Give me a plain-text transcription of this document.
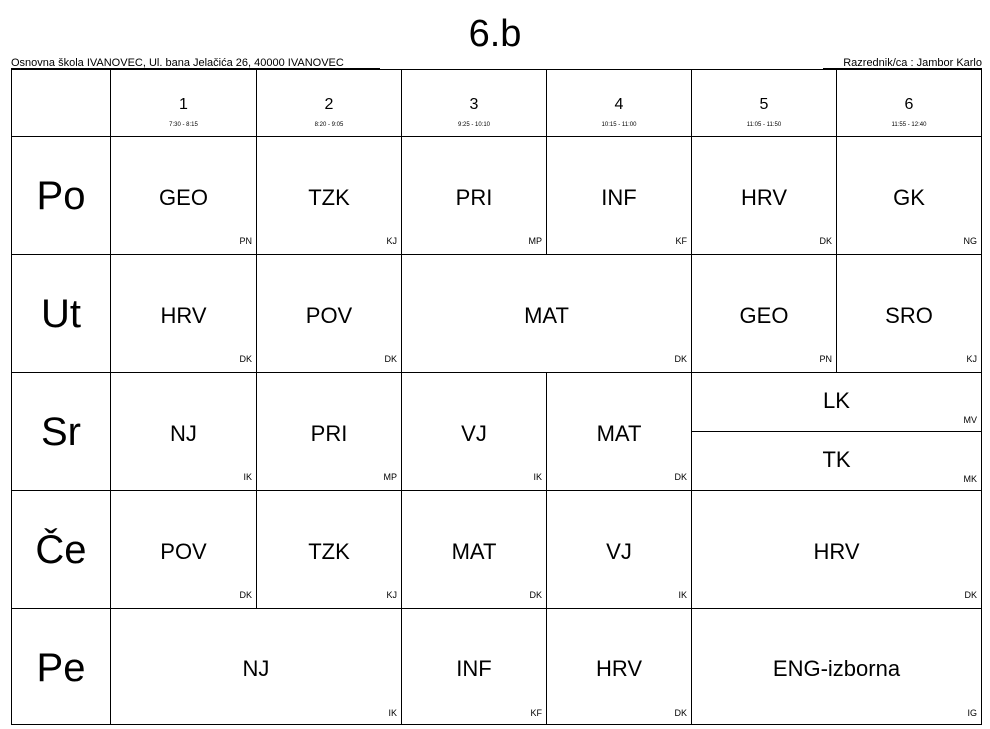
6.b
Osnovna škola IVANOVEC, Ul. bana Jelačića 26, 40000 IVANOVEC	Razrednik/ca : Jambor Karlo
1
7:30 - 8:15
2
8:20 - 9:05
3
9:25 - 10:10
4
10:15 - 11:00
5
11:05 - 11:50
6
11:55 - 12:40
Po
Ut
Sr
Če
Pe
GEO
PN
TZK
KJ
PRI
MP
INF
KF
HRV
DK
GK
NG
HRV
DK
POV
DK
MAT
DK
GEO
PN
SRO
KJ
NJ
IK
PRI
MP
VJ
IK
MAT
DK
LK
MV
TK
MK
POV
DK
TZK
KJ
MAT
DK
VJ
IK
HRV
DK
NJ
IK
INF
KF
HRV
DK
ENG-izborna
IG
